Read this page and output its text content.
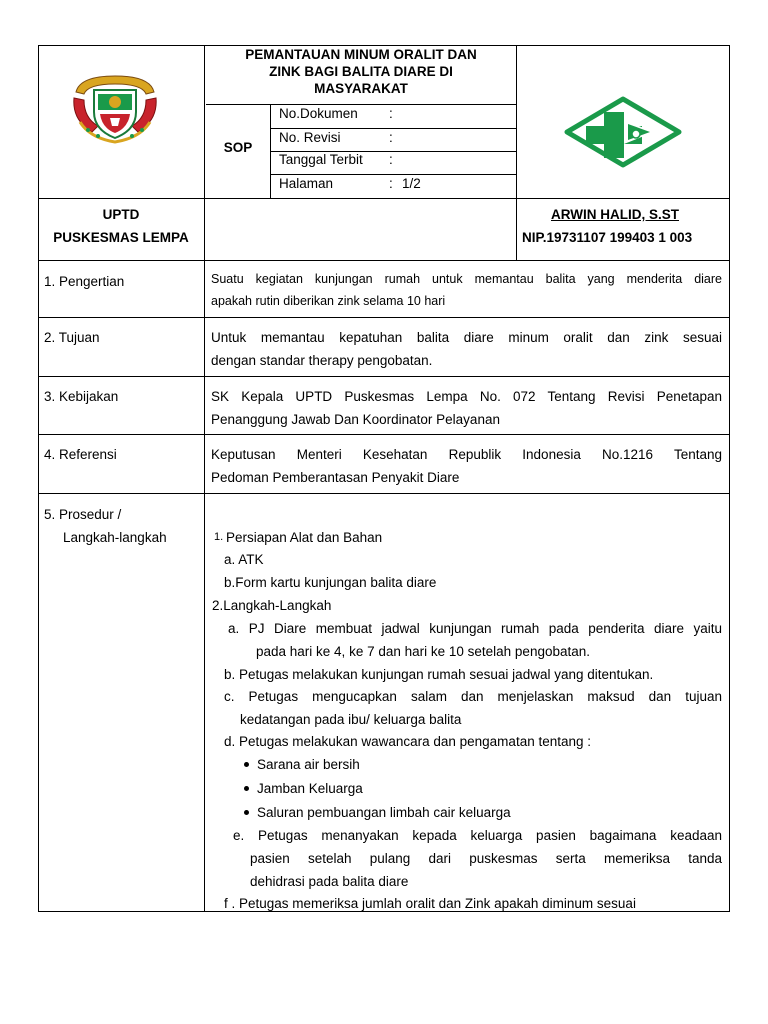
PEMANTAUAN MINUM ORALIT DAN
ZINK BAGI BALITA DIARE DI
MASYARAKAT
SOP
No.Dokumen :
No. Revisi	:
Tanggal Terbit :
Halaman	: 1/2
UPTD
PUSKESMAS LEMPA
ARWIN HALID, S.ST
NIP.19731107 199403 1 003
1. Pengertian	Suatu kegiatan kunjungan rumah untuk memantau balita yang menderita diare
apakah rutin diberikan zink selama 10 hari
2. Tujuan	Untuk memantau kepatuhan balita diare minum oralit dan zink sesuai
dengan standar therapy pengobatan.
3. Kebijakan	SK Kepala UPTD Puskesmas Lempa No. 072 Tentang Revisi Penetapan
Penanggung Jawab Dan Koordinator Pelayanan
4. Referensi	Keputusan Menteri Kesehatan Republik Indonesia No.1216 Tentang
Pedoman Pemberantasan Penyakit Diare
5. Prosedur /
Langkah-langkah	1. Persiapan Alat dan Bahan
a. ATK
b.Form kartu kunjungan balita diare
2.Langkah-Langkah
a. PJ Diare membuat jadwal kunjungan rumah pada penderita diare yaitu
pada hari ke 4, ke 7 dan hari ke 10 setelah pengobatan.
b. Petugas melakukan kunjungan rumah sesuai jadwal yang ditentukan.
c. Petugas mengucapkan salam dan menjelaskan maksud dan tujuan
kedatangan pada ibu/ keluarga balita
d. Petugas melakukan wawancara dan pengamatan tentang :
Sarana air bersih
Jamban Keluarga
Saluran pembuangan limbah cair keluarga
e. Petugas menanyakan kepada keluarga pasien bagaimana keadaan
pasien setelah pulang dari puskesmas serta memeriksa tanda
dehidrasi pada balita diare
f . Petugas memeriksa jumlah oralit dan Zink apakah diminum sesuai
